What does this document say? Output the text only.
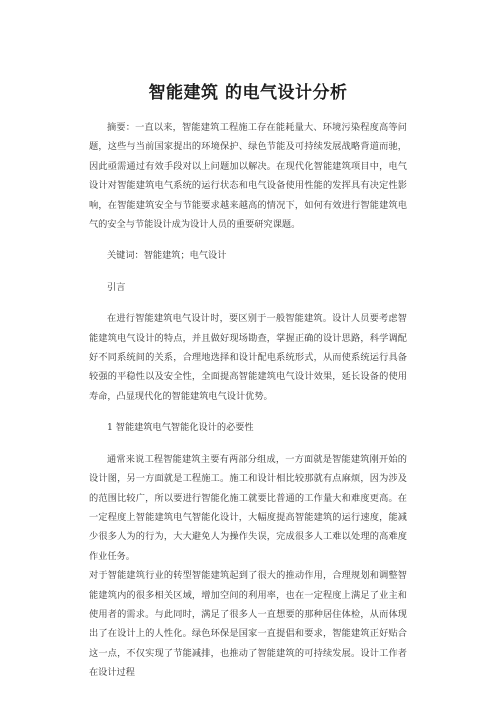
智能建筑 的电气设计分析

摘要：一直以来，智能建筑工程施工存在能耗量大、环境污染程度高等问题，这些与当前国家提出的环境保护、绿色节能及可持续发展战略背道而驰，因此亟需通过有效手段对以上问题加以解决。在现代化智能建筑项目中，电气设计对智能建筑电气系统的运行状态和电气设备使用性能的发挥具有决定性影响，在智能建筑安全与节能要求越来越高的情况下，如何有效进行智能建筑电气的安全与节能设计成为设计人员的重要研究课题。

关键词：智能建筑；电气设计

引言

在进行智能建筑电气设计时，要区别于一般智能建筑。设计人员要考虑智能建筑电气设计的特点，并且做好现场勘查，掌握正确的设计思路，科学调配好不同系统间的关系，合理地选择和设计配电系统形式，从而使系统运行具备较强的平稳性以及安全性，全面提高智能建筑电气设计效果，延长设备的使用寿命，凸显现代化的智能建筑电气设计优势。

1 智能建筑电气智能化设计的必要性

通常来说工程智能建筑主要有两部分组成，一方面就是智能建筑刚开始的设计图，另一方面就是工程施工。施工和设计相比较那就有点麻烦，因为涉及的范围比较广，所以要进行智能化施工就要比普通的工作量大和难度更高。在一定程度上智能建筑电气智能化设计，大幅度提高智能建筑的运行速度，能减少很多人为的行为，大大避免人为操作失误，完成很多人工难以处理的高难度作业任务。

对于智能建筑行业的转型智能建筑起到了很大的推动作用，合理规划和调整智能建筑内的很多相关区域，增加空间的利用率，也在一定程度上满足了业主和使用者的需求。与此同时，满足了很多人一直想要的那种居住体检，从而体现出了在设计上的人性化。绿色环保是国家一直提倡和要求，智能建筑正好贴合这一点，不仅实现了节能减排，也推动了智能建筑的可持续发展。设计工作者在设计过程
